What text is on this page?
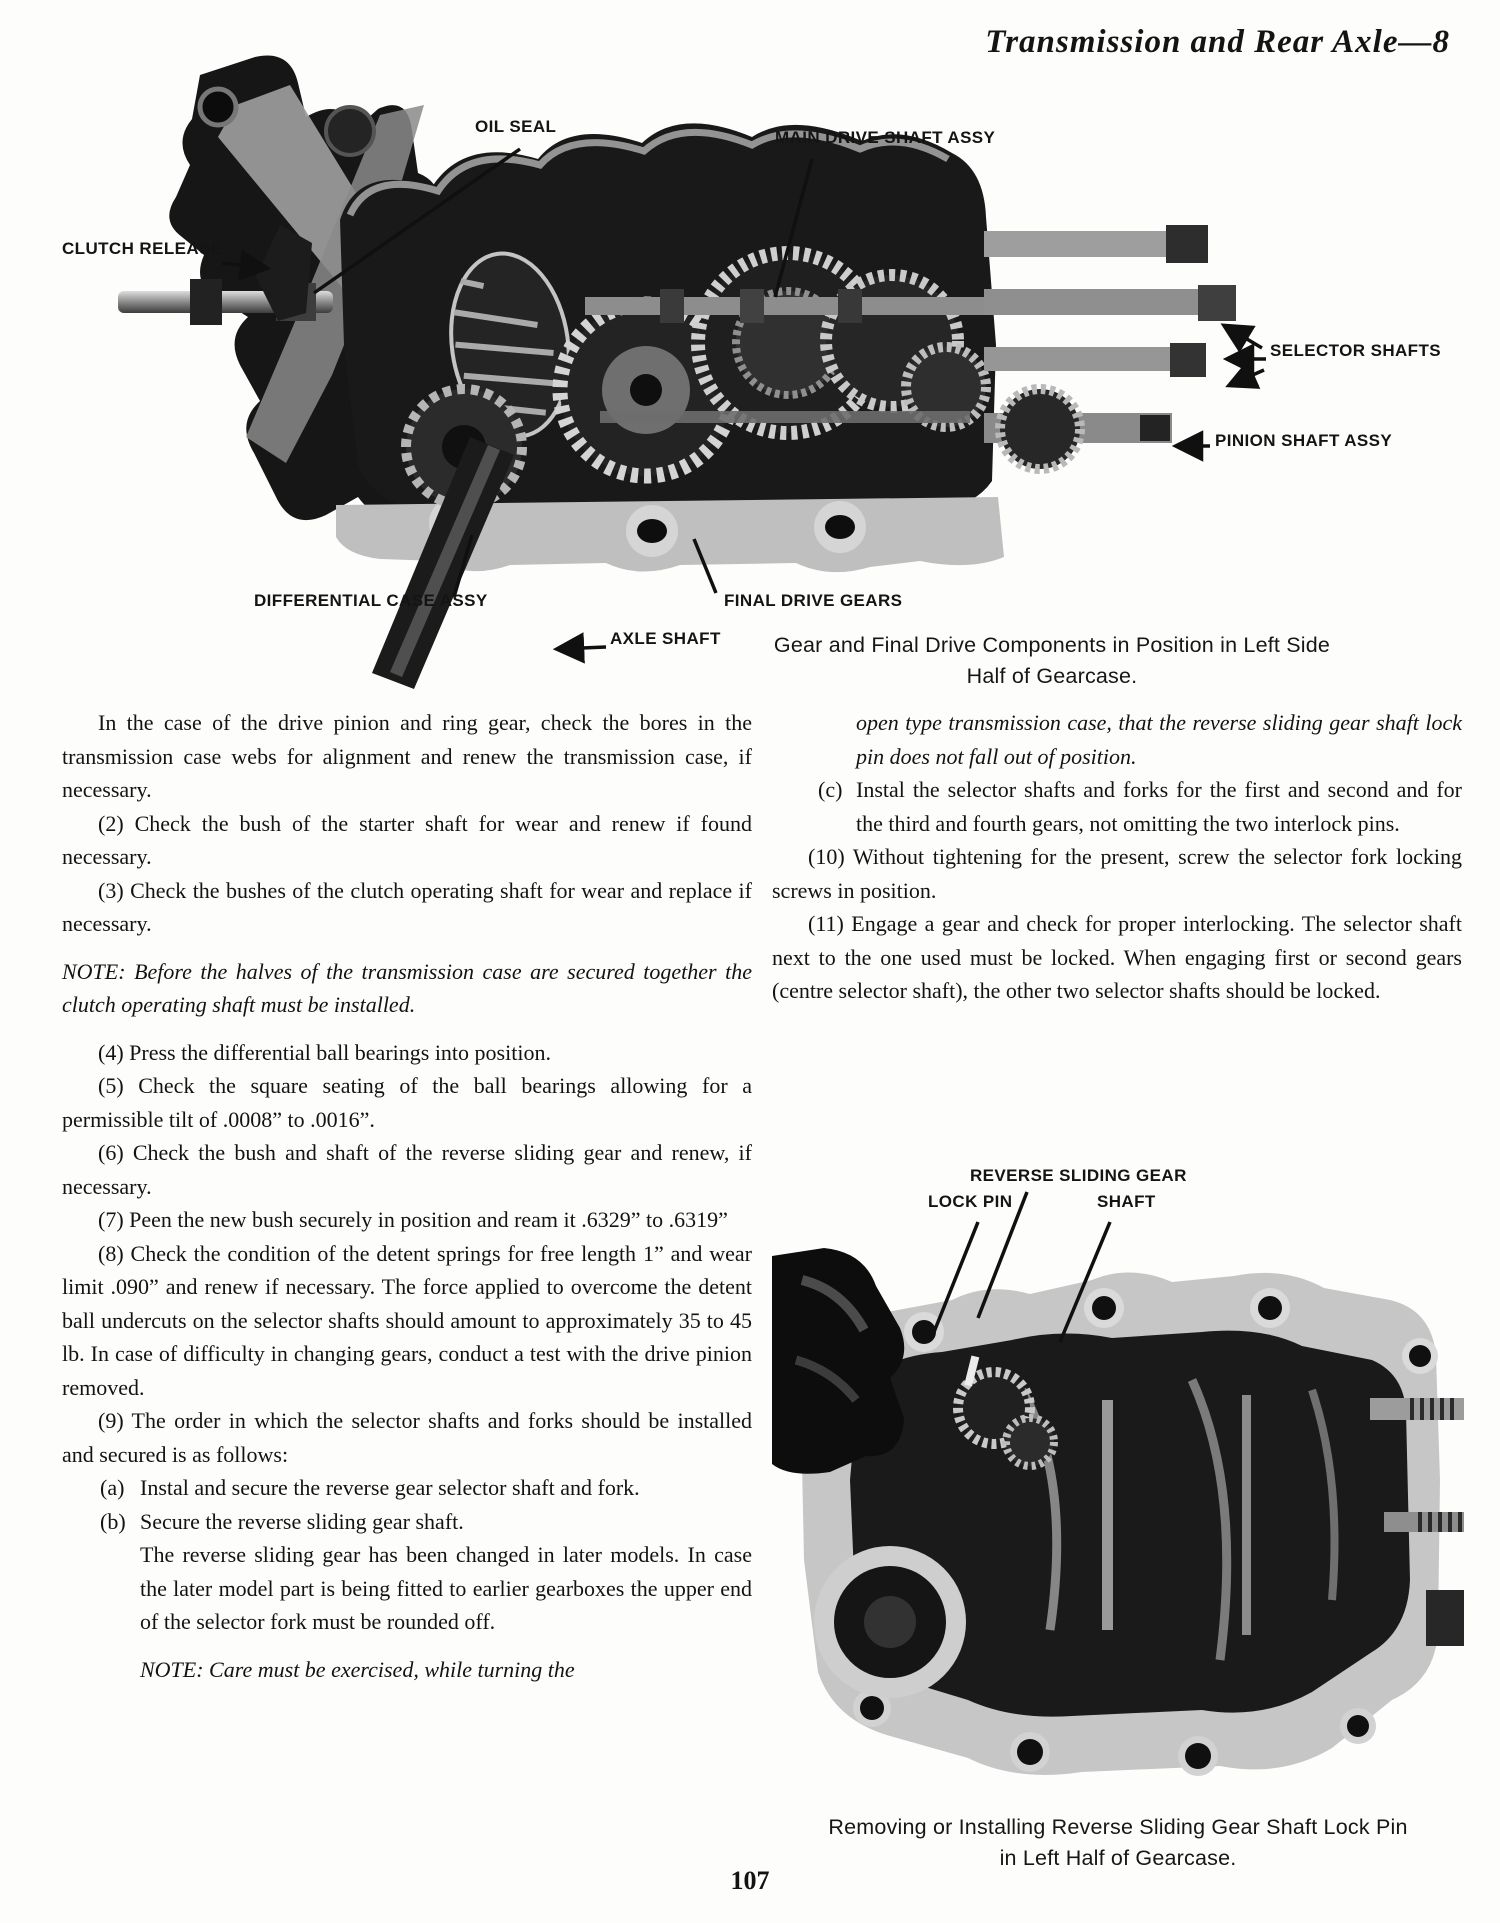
Transmission and Rear Axle—8
OIL SEAL
MAIN DRIVE SHAFT ASSY
CLUTCH RELEASE
SELECTOR SHAFTS
PINION SHAFT ASSY
DIFFERENTIAL CASE ASSY	FINAL DRIVE GEARS
AXLE SHAFT	Gear and Final Drive Components in Position in Left Side
Half of Gearcase.

In the case of the drive pinion and ring gear, check the bores in the transmission case webs for alignment and renew the transmission case, if necessary.

(2) Check the bush of the starter shaft for wear and renew if found necessary.

(3) Check the bushes of the clutch operating shaft for wear and replace if necessary.

NOTE: Before the halves of the transmission case are secured together the clutch operating shaft must be installed.

(4) Press the differential ball bearings into position.

(5) Check the square seating of the ball bearings allowing for a permissible tilt of .0008” to .0016”.

(6) Check the bush and shaft of the reverse sliding gear and renew, if necessary.

(7) Peen the new bush securely in position and ream it .6329” to .6319”

(8) Check the condition of the detent springs for free length 1” and wear limit .090” and renew if necessary. The force applied to overcome the detent ball undercuts on the selector shafts should amount to approximately 35 to 45 lb. In case of difficulty in changing gears, conduct a test with the drive pinion removed.

(9) The order in which the selector shafts and forks should be installed and secured is as follows:

(a) Instal and secure the reverse gear selector shaft and fork.

(b) Secure the reverse sliding gear shaft.

The reverse sliding gear has been changed in later models. In case the later model part is being fitted to earlier gearboxes the upper end of the selector fork must be rounded off.

NOTE: Care must be exercised, while turning the

open type transmission case, that the reverse sliding gear shaft lock pin does not fall out of position.

(c) Instal the selector shafts and forks for the first and second and for the third and fourth gears, not omitting the two interlock pins.

(10) Without tightening for the present, screw the selector fork locking screws in position.

(11) Engage a gear and check for proper interlocking. The selector shaft next to the one used must be locked. When engaging first or second gears (centre selector shaft), the other two selector shafts should be locked.

REVERSE SLIDING GEAR
LOCK PIN	SHAFT
Removing or Installing Reverse Sliding Gear Shaft Lock Pin
in Left Half of Gearcase.
107
